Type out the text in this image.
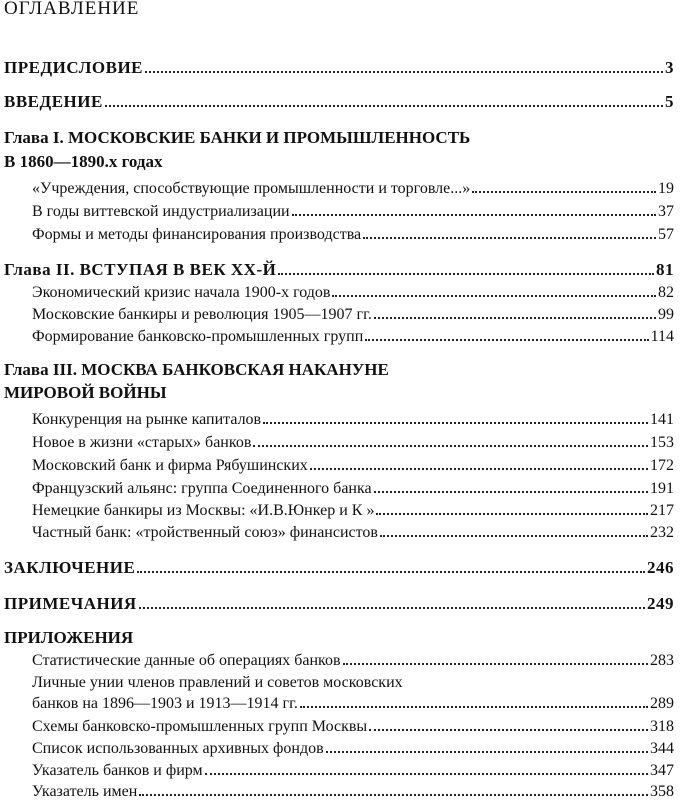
ОГЛАВЛЕНИЕ
ПРЕДИСЛОВИЕ	3
ВВЕДЕНИЕ	5
Глава I. МОСКОВСКИЕ БАНКИ И ПРОМЫШЛЕННОСТЬ
В 1860—1890.х годах
«Учреждения, способствующие промышленности и торговле...»	19
В годы виттевской индустриализации	37
Формы и методы финансирования производства	57
Глава II. ВСТУПАЯ В ВЕК ХХ-Й	81
Экономический кризис начала 1900-х годов	82
Московские банкиры и революция 1905—1907 гг.	99
Формирование банковско-промышленных групп	114
Глава III. МОСКВА БАНКОВСКАЯ НАКАНУНЕ
МИРОВОЙ ВОЙНЫ
Конкуренция на рынке капиталов	141
Новое в жизни «старых» банков	153
Московский банк и фирма Рябушинских	172
Французский альянс: группа Соединенного банка	191
Немецкие банкиры из Москвы: «И.В.Юнкер и К »	217
Частный банк: «тройственный союз» финансистов	232
ЗАКЛЮЧЕНИЕ	246
ПРИМЕЧАНИЯ	249
ПРИЛОЖЕНИЯ
Статистические данные об операциях банков	283
Личные унии членов правлений и советов московских
банков на 1896—1903 и 1913—1914 гг.	289
Схемы банковско-промышленных групп Москвы	318
Список использованных архивных фондов	344
Указатель банков и фирм	347
Указатель имен	358
